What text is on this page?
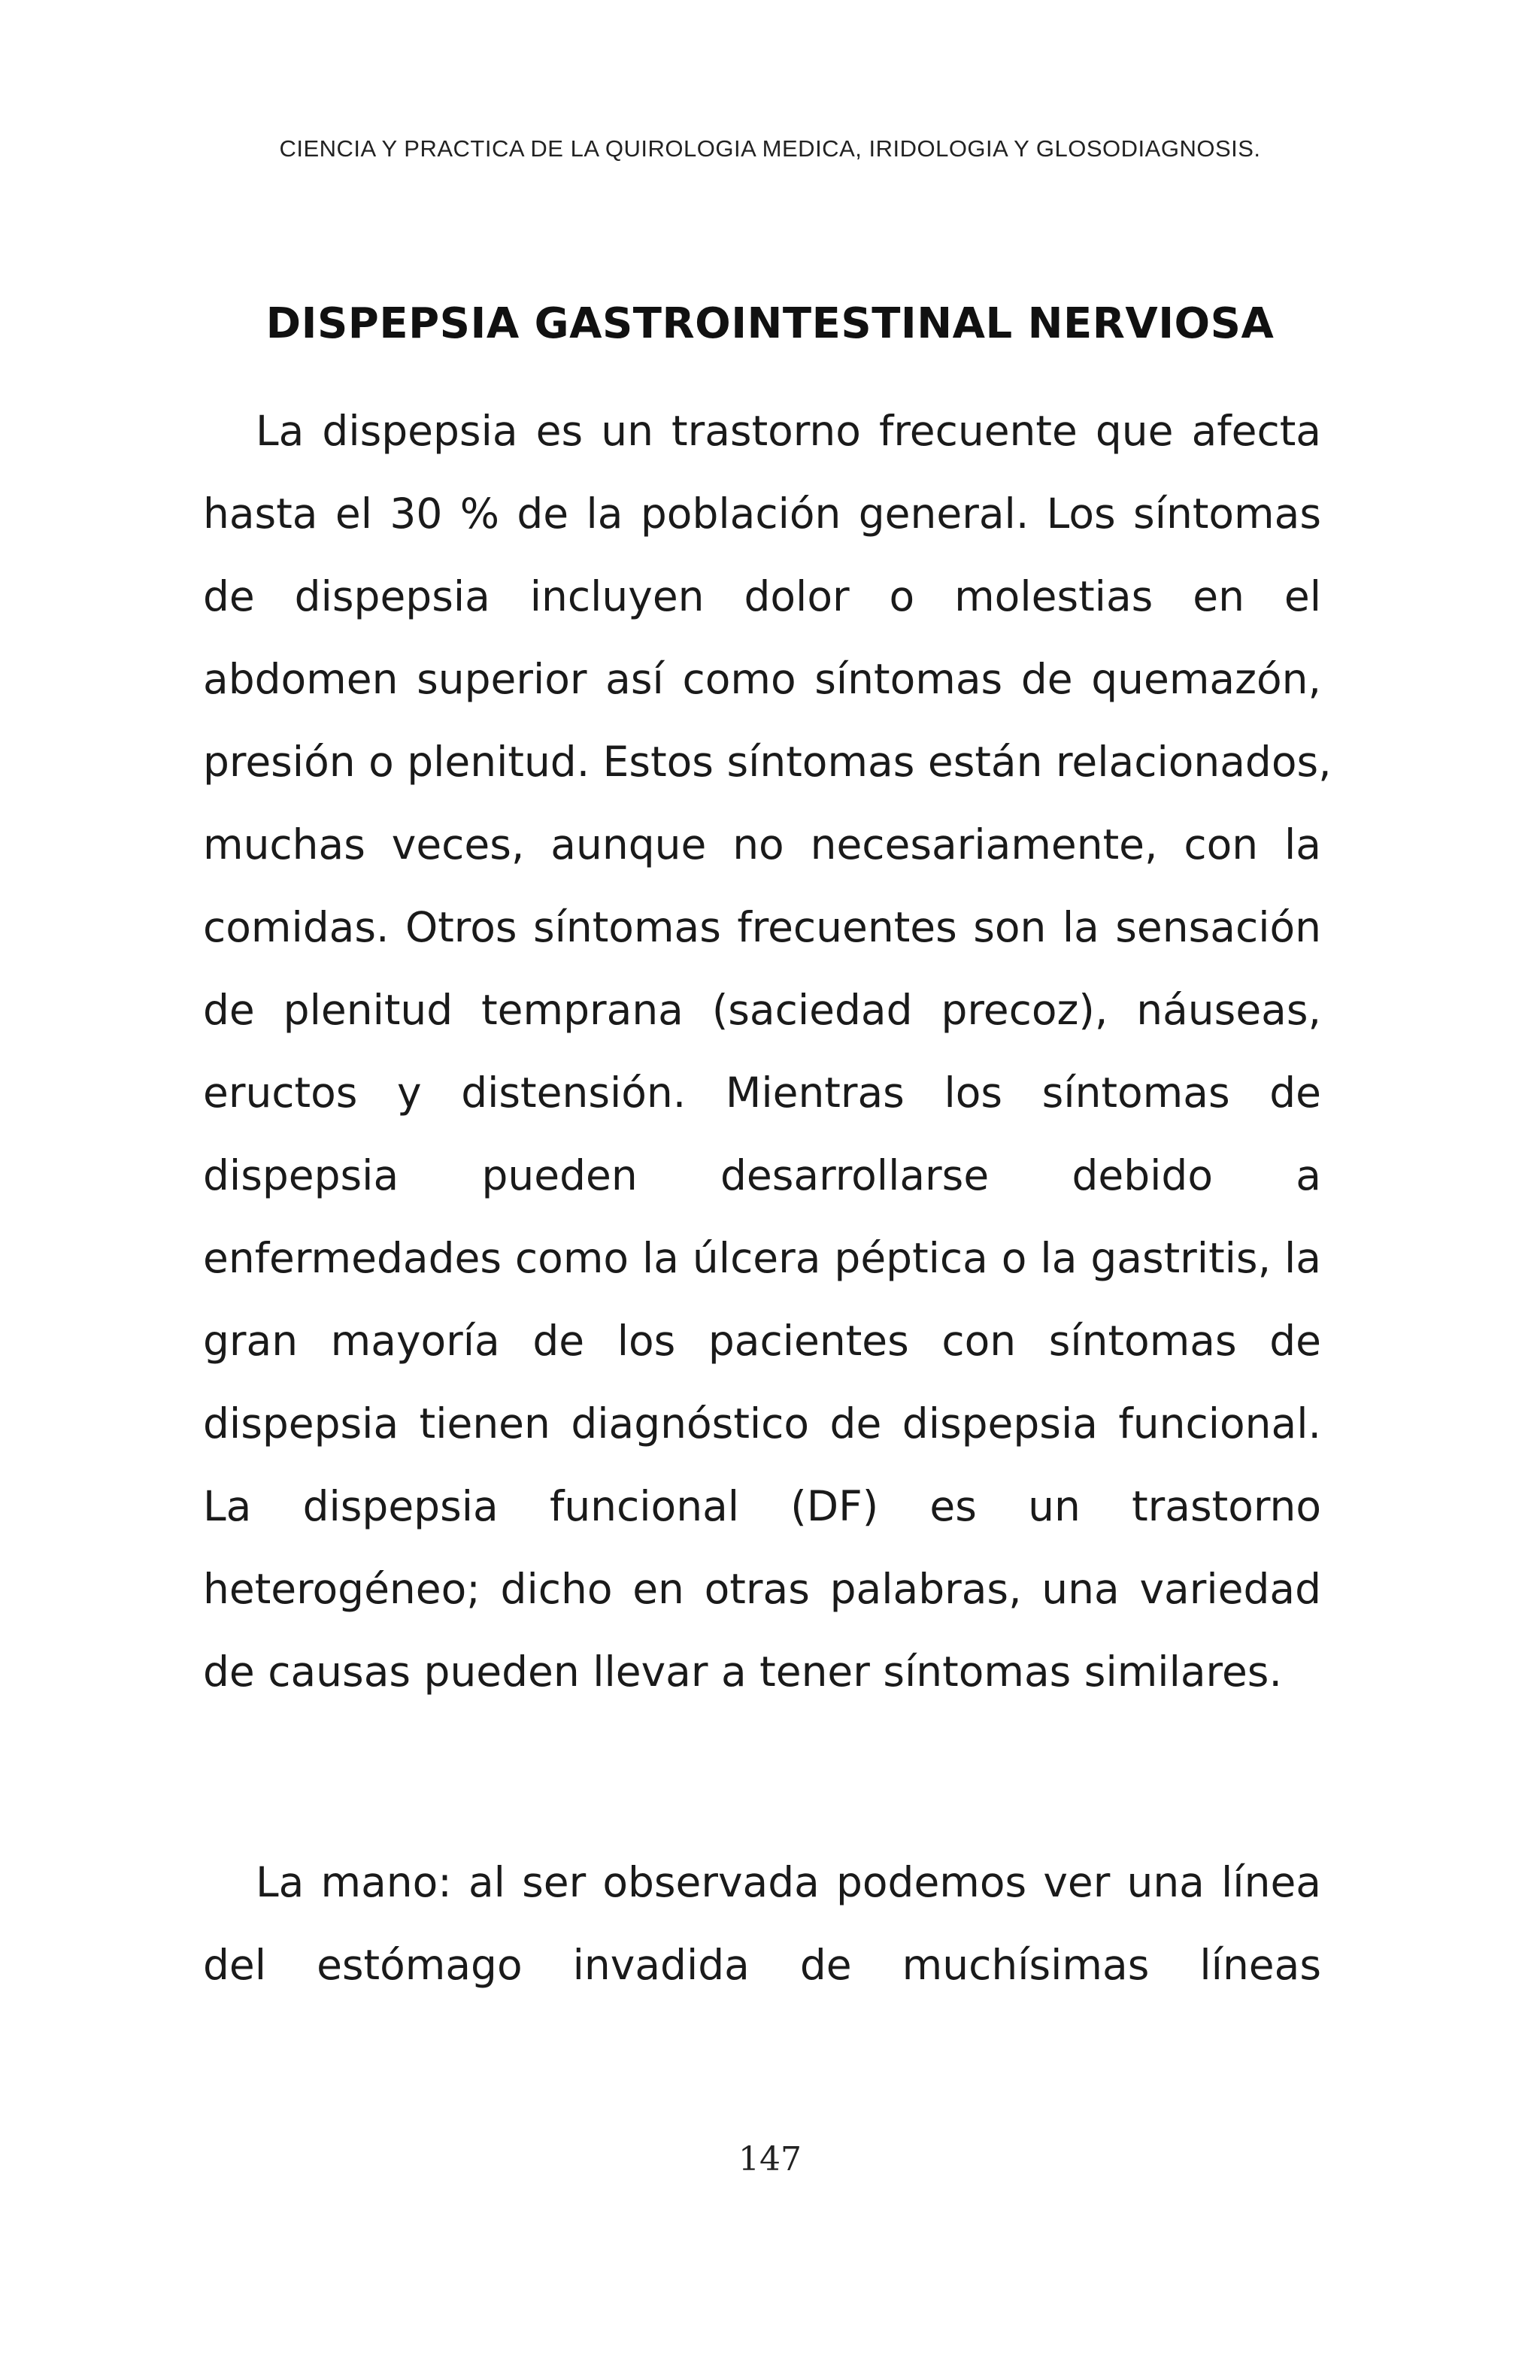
CIENCIA Y PRACTICA DE LA QUIROLOGIA MEDICA, IRIDOLOGIA Y GLOSODIAGNOSIS.
DISPEPSIA GASTROINTESTINAL NERVIOSA
La dispepsia es un trastorno frecuente que afecta
hasta el 30 % de la población general. Los síntomas
de dispepsia incluyen dolor o molestias en el
abdomen superior así como síntomas de quemazón,
presión o plenitud. Estos síntomas están relacionados,
muchas veces, aunque no necesariamente, con la
comidas. Otros síntomas frecuentes son la sensación
de plenitud temprana (saciedad precoz), náuseas,
eructos y distensión. Mientras los síntomas de
dispepsia pueden desarrollarse debido a
enfermedades como la úlcera péptica o la gastritis, la
gran mayoría de los pacientes con síntomas de
dispepsia tienen diagnóstico de dispepsia funcional.
La dispepsia funcional (DF) es un trastorno
heterogéneo; dicho en otras palabras, una variedad
de causas pueden llevar a tener síntomas similares.
La mano: al ser observada podemos ver una línea
del estómago invadida de muchísimas líneas
147
